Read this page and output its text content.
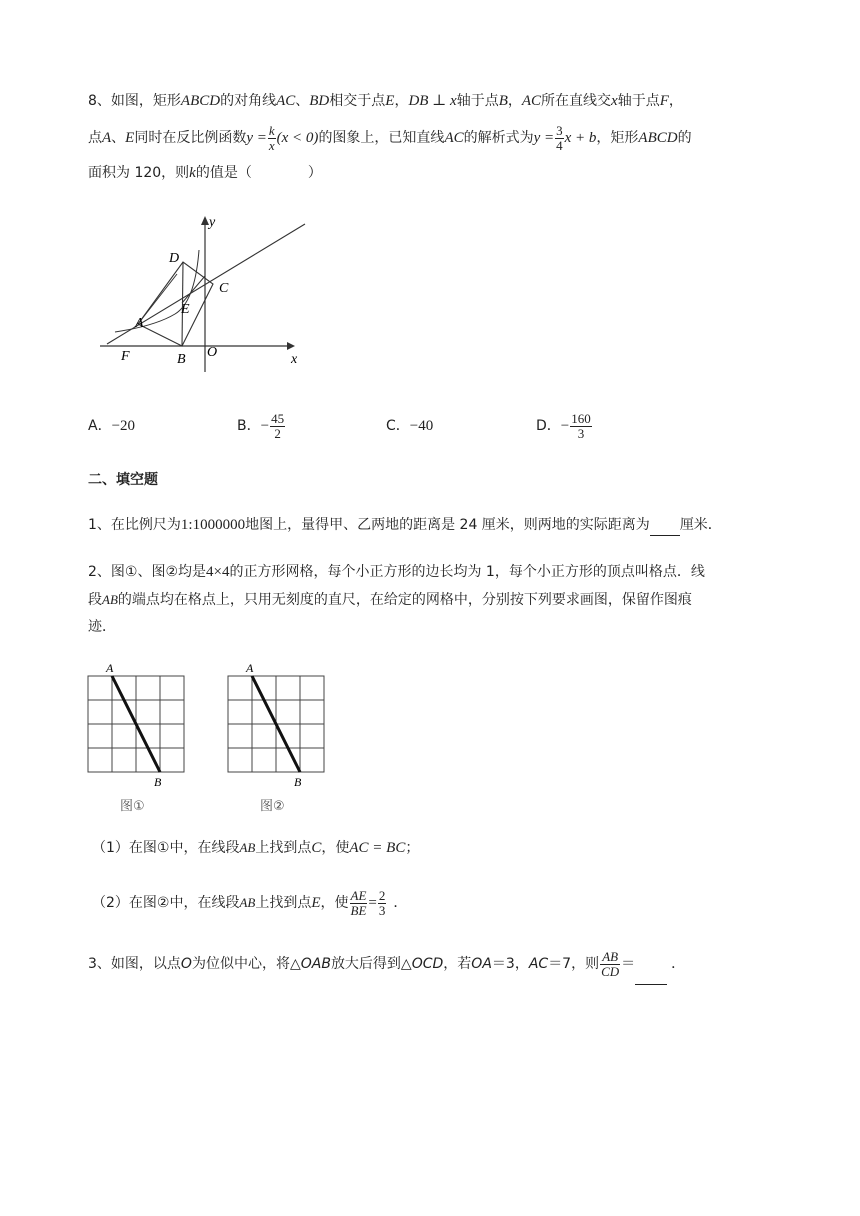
8、如图，矩形ABCD的对角线AC、BD相交于点E，DB ⊥ x轴于点B，AC所在直线交x轴于点F，
点A、E同时在反比例函数$y = \frac{k}{x} (x < 0)$的图象上，已知直线AC的解析式为$y = \frac{3}{4}$ x + b，矩形ABCD的
面积为 120，则k的值是（	）
y
x
D
C
E
A
F	B O
A．−20	B．− $\frac{45}{2}$	C．−40	D．− $\frac{160}{3}$
二、填空题
1、在比例尺为1:1000000地图上，量得甲、乙两地的距离是 24 厘米，则两地的实际距离为 厘米．
2、图①、图②均是4×4的正方形网格，每个小正方形的边长均为 1，每个小正方形的顶点叫格点．线
段AB的端点均在格点上，只用无刻度的直尺，在给定的网格中，分别按下列要求画图，保留作图痕
迹．
A
B
图①
A
B
图②
（1）在图①中，在线段AB上找到点C，使AC = BC；
（2）在图②中，在线段AB上找到点E，使 $\frac{AE}{BE} = \frac{2}{3}$ ．
3、如图，以点O为位似中心，将△OAB放大后得到△OCD，若OA＝3，AC＝7，则 $\frac{AB}{CD}$ ＝	．
